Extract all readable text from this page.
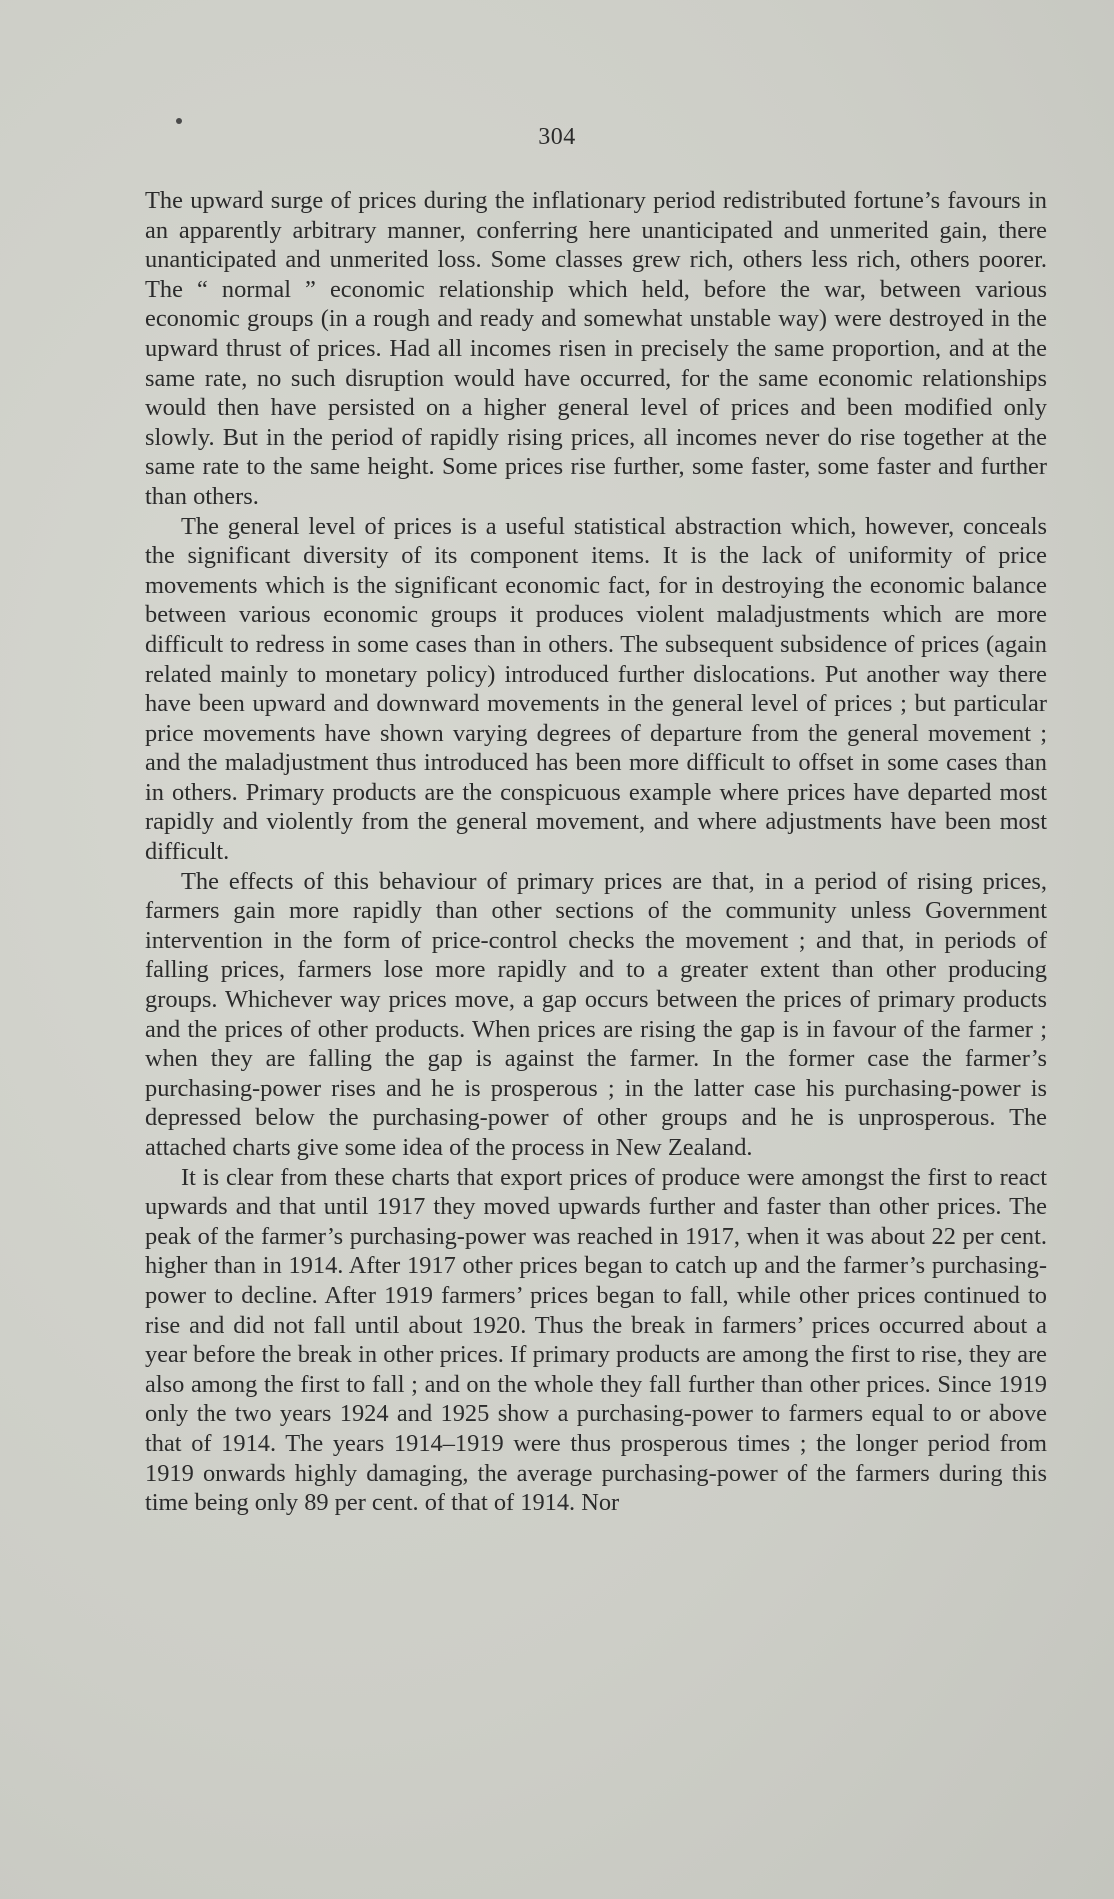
304

The upward surge of prices during the inflationary period redistributed fortune’s favours in an apparently arbitrary manner, conferring here unanticipated and unmerited gain, there unanticipated and unmerited loss. Some classes grew rich, others less rich, others poorer. The “ normal ” economic relationship which held, before the war, between various economic groups (in a rough and ready and somewhat unstable way) were destroyed in the upward thrust of prices. Had all incomes risen in precisely the same proportion, and at the same rate, no such disruption would have occurred, for the same economic relationships would then have persisted on a higher general level of prices and been modified only slowly. But in the period of rapidly rising prices, all incomes never do rise together at the same rate to the same height. Some prices rise further, some faster, some faster and further than others.

The general level of prices is a useful statistical abstraction which, however, conceals the significant diversity of its component items. It is the lack of uniformity of price movements which is the significant economic fact, for in destroying the economic balance between various economic groups it produces violent maladjustments which are more difficult to redress in some cases than in others. The subsequent subsidence of prices (again related mainly to monetary policy) introduced further dislocations. Put another way there have been upward and downward movements in the general level of prices ; but particular price movements have shown varying degrees of departure from the general movement ; and the maladjustment thus introduced has been more difficult to offset in some cases than in others. Primary products are the conspicuous example where prices have departed most rapidly and violently from the general movement, and where adjustments have been most difficult.

The effects of this behaviour of primary prices are that, in a period of rising prices, farmers gain more rapidly than other sections of the community unless Government intervention in the form of price-control checks the movement ; and that, in periods of falling prices, farmers lose more rapidly and to a greater extent than other producing groups. Whichever way prices move, a gap occurs between the prices of primary products and the prices of other products. When prices are rising the gap is in favour of the farmer ; when they are falling the gap is against the farmer. In the former case the farmer’s purchasing-power rises and he is prosperous ; in the latter case his purchasing-power is depressed below the purchasing-power of other groups and he is unprosperous. The attached charts give some idea of the process in New Zealand.

It is clear from these charts that export prices of produce were amongst the first to react upwards and that until 1917 they moved upwards further and faster than other prices. The peak of the farmer’s purchasing-power was reached in 1917, when it was about 22 per cent. higher than in 1914. After 1917 other prices began to catch up and the farmer’s purchasing-power to decline. After 1919 farmers’ prices began to fall, while other prices continued to rise and did not fall until about 1920. Thus the break in farmers’ prices occurred about a year before the break in other prices. If primary products are among the first to rise, they are also among the first to fall ; and on the whole they fall further than other prices. Since 1919 only the two years 1924 and 1925 show a purchasing-power to farmers equal to or above that of 1914. The years 1914–1919 were thus prosperous times ; the longer period from 1919 onwards highly damaging, the average purchasing-power of the farmers during this time being only 89 per cent. of that of 1914. Nor
